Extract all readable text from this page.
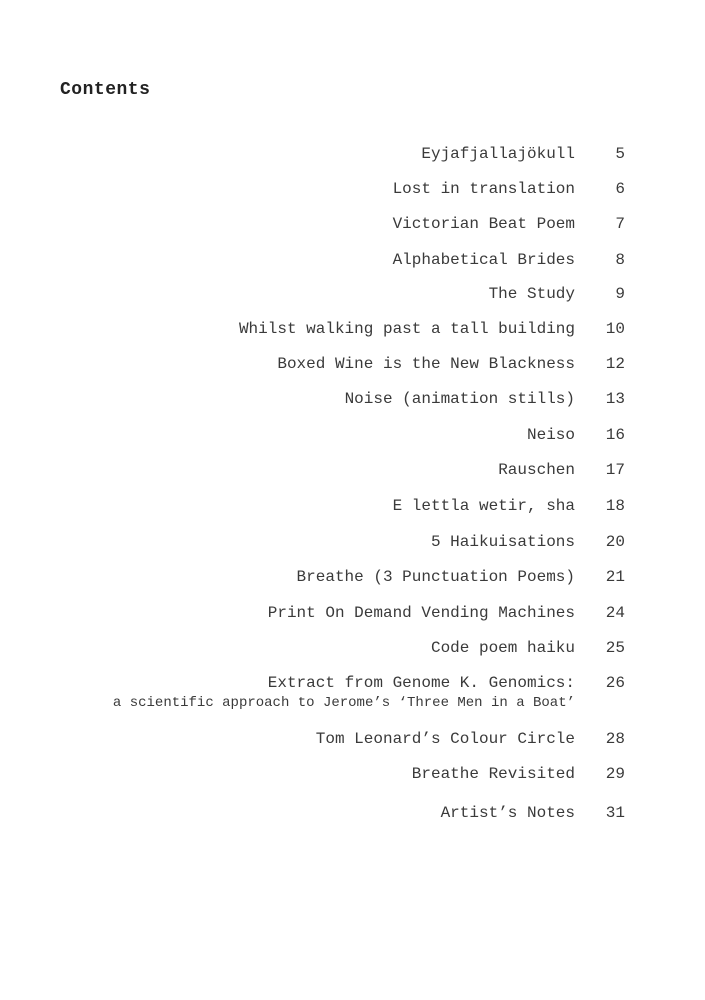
Contents
Eyjafjallajökull	5
Lost in translation	6
Victorian Beat Poem	7
Alphabetical Brides	8
The Study	9
Whilst walking past a tall building 10
Boxed Wine is the New Blackness 12
Noise (animation stills) 13
Neiso 16
Rauschen 17
E lettla wetir, sha 18
5 Haikuisations 20
Breathe (3 Punctuation Poems) 21
Print On Demand Vending Machines 24
Code poem haiku 25
Extract from Genome K. Genomics: 26
a scientific approach to Jerome’s ‘Three Men in a Boat’
Tom Leonard’s Colour Circle 28
Breathe Revisited 29
Artist’s Notes 31
